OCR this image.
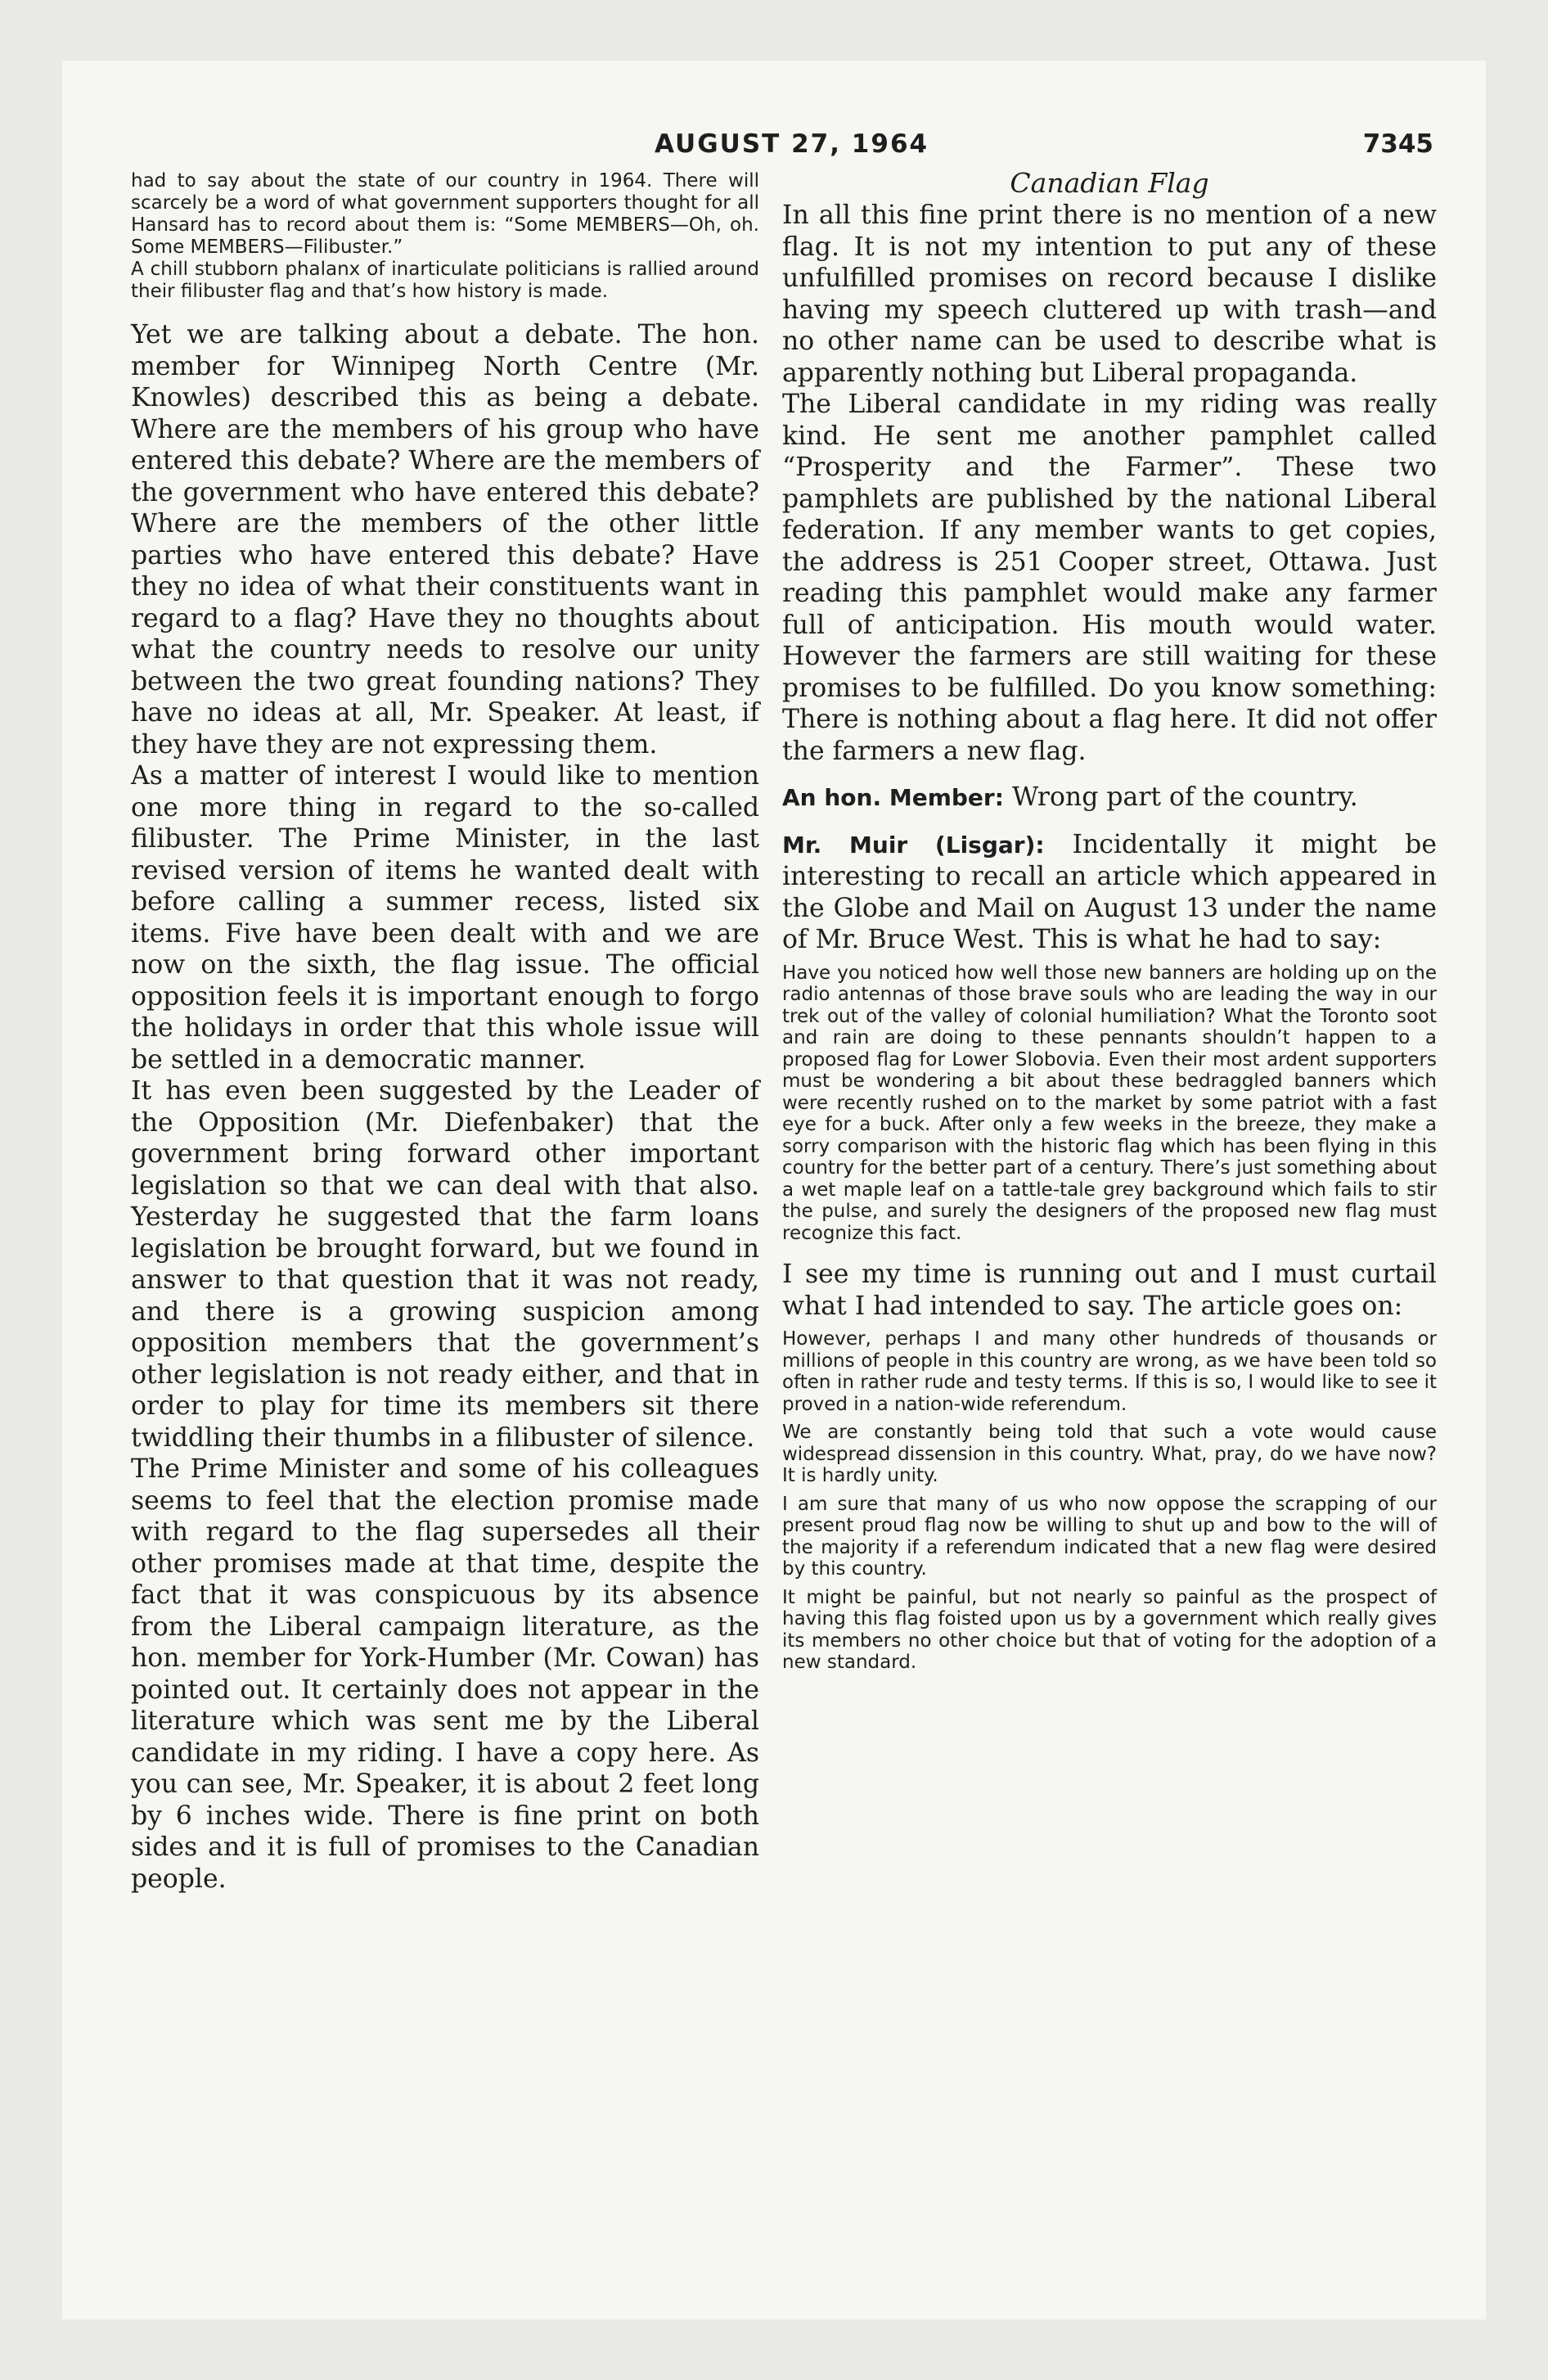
AUGUST 27, 1964	7345

had to say about the state of our country in 1964. There will scarcely be a word of what government supporters thought for all Hansard has to record about them is: “Some MEMBERS—Oh, oh. Some MEMBERS—Filibuster.”

A chill stubborn phalanx of inarticulate politicians is rallied around their filibuster flag and that’s how history is made.

Yet we are talking about a debate. The hon. member for Winnipeg North Centre (Mr. Knowles) described this as being a debate. Where are the members of his group who have entered this debate? Where are the members of the government who have entered this debate? Where are the members of the other little parties who have entered this debate? Have they no idea of what their constituents want in regard to a flag? Have they no thoughts about what the country needs to resolve our unity between the two great founding nations? They have no ideas at all, Mr. Speaker. At least, if they have they are not expressing them.

As a matter of interest I would like to mention one more thing in regard to the so-called filibuster. The Prime Minister, in the last revised version of items he wanted dealt with before calling a summer recess, listed six items. Five have been dealt with and we are now on the sixth, the flag issue. The official opposition feels it is important enough to forgo the holidays in order that this whole issue will be settled in a democratic manner.

It has even been suggested by the Leader of the Opposition (Mr. Diefenbaker) that the government bring forward other important legislation so that we can deal with that also. Yesterday he suggested that the farm loans legislation be brought forward, but we found in answer to that question that it was not ready, and there is a growing suspicion among opposition members that the government’s other legislation is not ready either, and that in order to play for time its members sit there twiddling their thumbs in a filibuster of silence.

The Prime Minister and some of his colleagues seems to feel that the election promise made with regard to the flag supersedes all their other promises made at that time, despite the fact that it was conspicuous by its absence from the Liberal campaign literature, as the hon. member for York-Humber (Mr. Cowan) has pointed out. It certainly does not appear in the literature which was sent me by the Liberal candidate in my riding. I have a copy here. As you can see, Mr. Speaker, it is about 2 feet long by 6 inches wide. There is fine print on both sides and it is full of promises to the Canadian people.

Canadian Flag

In all this fine print there is no mention of a new flag. It is not my intention to put any of these unfulfilled promises on record because I dislike having my speech cluttered up with trash—and no other name can be used to describe what is apparently nothing but Liberal propaganda.

The Liberal candidate in my riding was really kind. He sent me another pamphlet called “Prosperity and the Farmer”. These two pamphlets are published by the national Liberal federation. If any member wants to get copies, the address is 251 Cooper street, Ottawa. Just reading this pamphlet would make any farmer full of anticipation. His mouth would water. However the farmers are still waiting for these promises to be fulfilled. Do you know something: There is nothing about a flag here. It did not offer the farmers a new flag.

An hon. Member: Wrong part of the country.

Mr. Muir (Lisgar): Incidentally it might be interesting to recall an article which appeared in the Globe and Mail on August 13 under the name of Mr. Bruce West. This is what he had to say:

Have you noticed how well those new banners are holding up on the radio antennas of those brave souls who are leading the way in our trek out of the valley of colonial humiliation? What the Toronto soot and rain are doing to these pennants shouldn’t happen to a proposed flag for Lower Slobovia. Even their most ardent supporters must be wondering a bit about these bedraggled banners which were recently rushed on to the market by some patriot with a fast eye for a buck. After only a few weeks in the breeze, they make a sorry comparison with the historic flag which has been flying in this country for the better part of a century. There’s just something about a wet maple leaf on a tattle-tale grey background which fails to stir the pulse, and surely the designers of the proposed new flag must recognize this fact.

I see my time is running out and I must curtail what I had intended to say. The article goes on:

However, perhaps I and many other hundreds of thousands or millions of people in this country are wrong, as we have been told so often in rather rude and testy terms. If this is so, I would like to see it proved in a nation-wide referendum.

We are constantly being told that such a vote would cause widespread dissension in this country. What, pray, do we have now? It is hardly unity.

I am sure that many of us who now oppose the scrapping of our present proud flag now be willing to shut up and bow to the will of the majority if a referendum indicated that a new flag were desired by this country.

It might be painful, but not nearly so painful as the prospect of having this flag foisted upon us by a government which really gives its members no other choice but that of voting for the adoption of a new standard.
